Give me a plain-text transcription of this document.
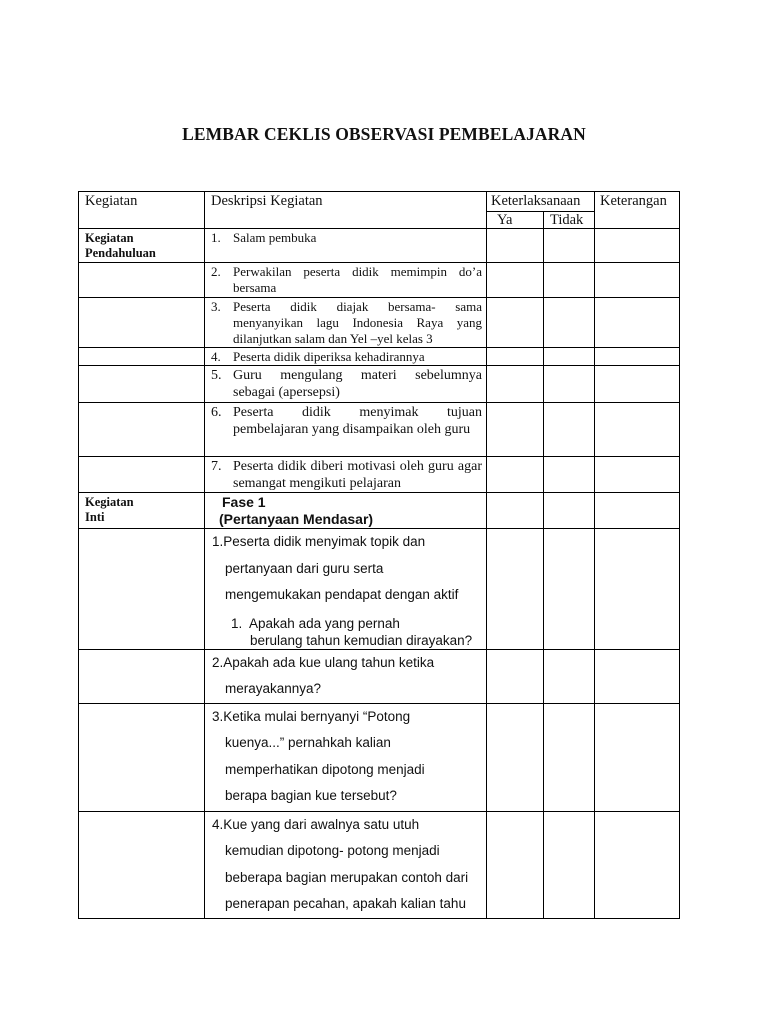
LEMBAR CEKLIS OBSERVASI PEMBELAJARAN
Kegiatan	Deskripsi Kegiatan	Keterlaksanaan		Keterangan
		Ya	Tidak	
Kegiatan Pendahuluan	1. Salam pembuka			

	2. Perwakilan peserta didik memimpin do’a bersama			

	3. Peserta didik diajak bersama- sama menyanyikan lagu Indonesia Raya yang dilanjutkan salam dan Yel –yel kelas 3			

	4. Peserta didik diperiksa kehadirannya			

	5. Guru mengulang materi sebelumnya sebagai (apersepsi)			

	6. Peserta didik menyimak tujuan pembelajaran yang disampaikan oleh guru			

	7. Peserta didik diberi motivasi oleh guru agar semangat mengikuti pelajaran			

Kegiatan Inti	Fase 1
(Pertanyaan Mendasar)			

	1.Peserta didik menyimak topik dan
pertanyaan dari guru serta
mengemukakan pendapat dengan aktif
1. Apakah ada yang pernah
berulang tahun kemudian dirayakan?			

	2.Apakah ada kue ulang tahun ketika
merayakannya?			

	3.Ketika mulai bernyanyi “Potong
kuenya...” pernahkah kalian
memperhatikan dipotong menjadi
berapa bagian kue tersebut?			

	4.Kue yang dari awalnya satu utuh
kemudian dipotong- potong menjadi
beberapa bagian merupakan contoh dari
penerapan pecahan, apakah kalian tahu			
